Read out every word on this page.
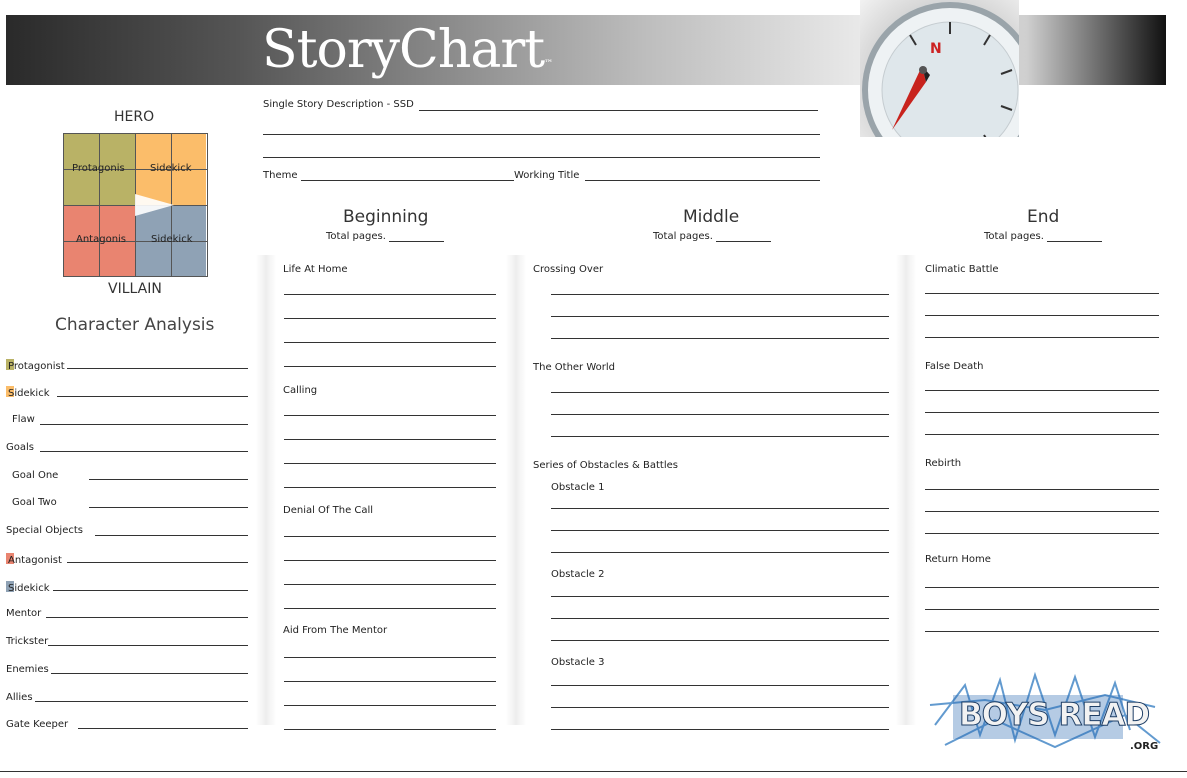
StoryChart™
N
Single Story Description - SSD
Theme	Working Title
HERO
Protagonis	Sidekick
Antagonis Sidekick
VILLAIN
Character Analysis
Protagonist
Sidekick
Flaw
Goals
Goal One
Goal Two
Special Objects
Antagonist
Sidekick
Mentor
Trickster
Enemies
Allies
Gate Keeper
Beginning
Total pages.
Life At Home
Calling
Denial Of The Call
Aid From The Mentor
Middle
Total pages.
Crossing Over
The Other World
Series of Obstacles & Battles
Obstacle 1
Obstacle 2
Obstacle 3
End
Total pages.
Climatic Battle
False Death
Rebirth
Return Home
BOYS READ
.ORG
